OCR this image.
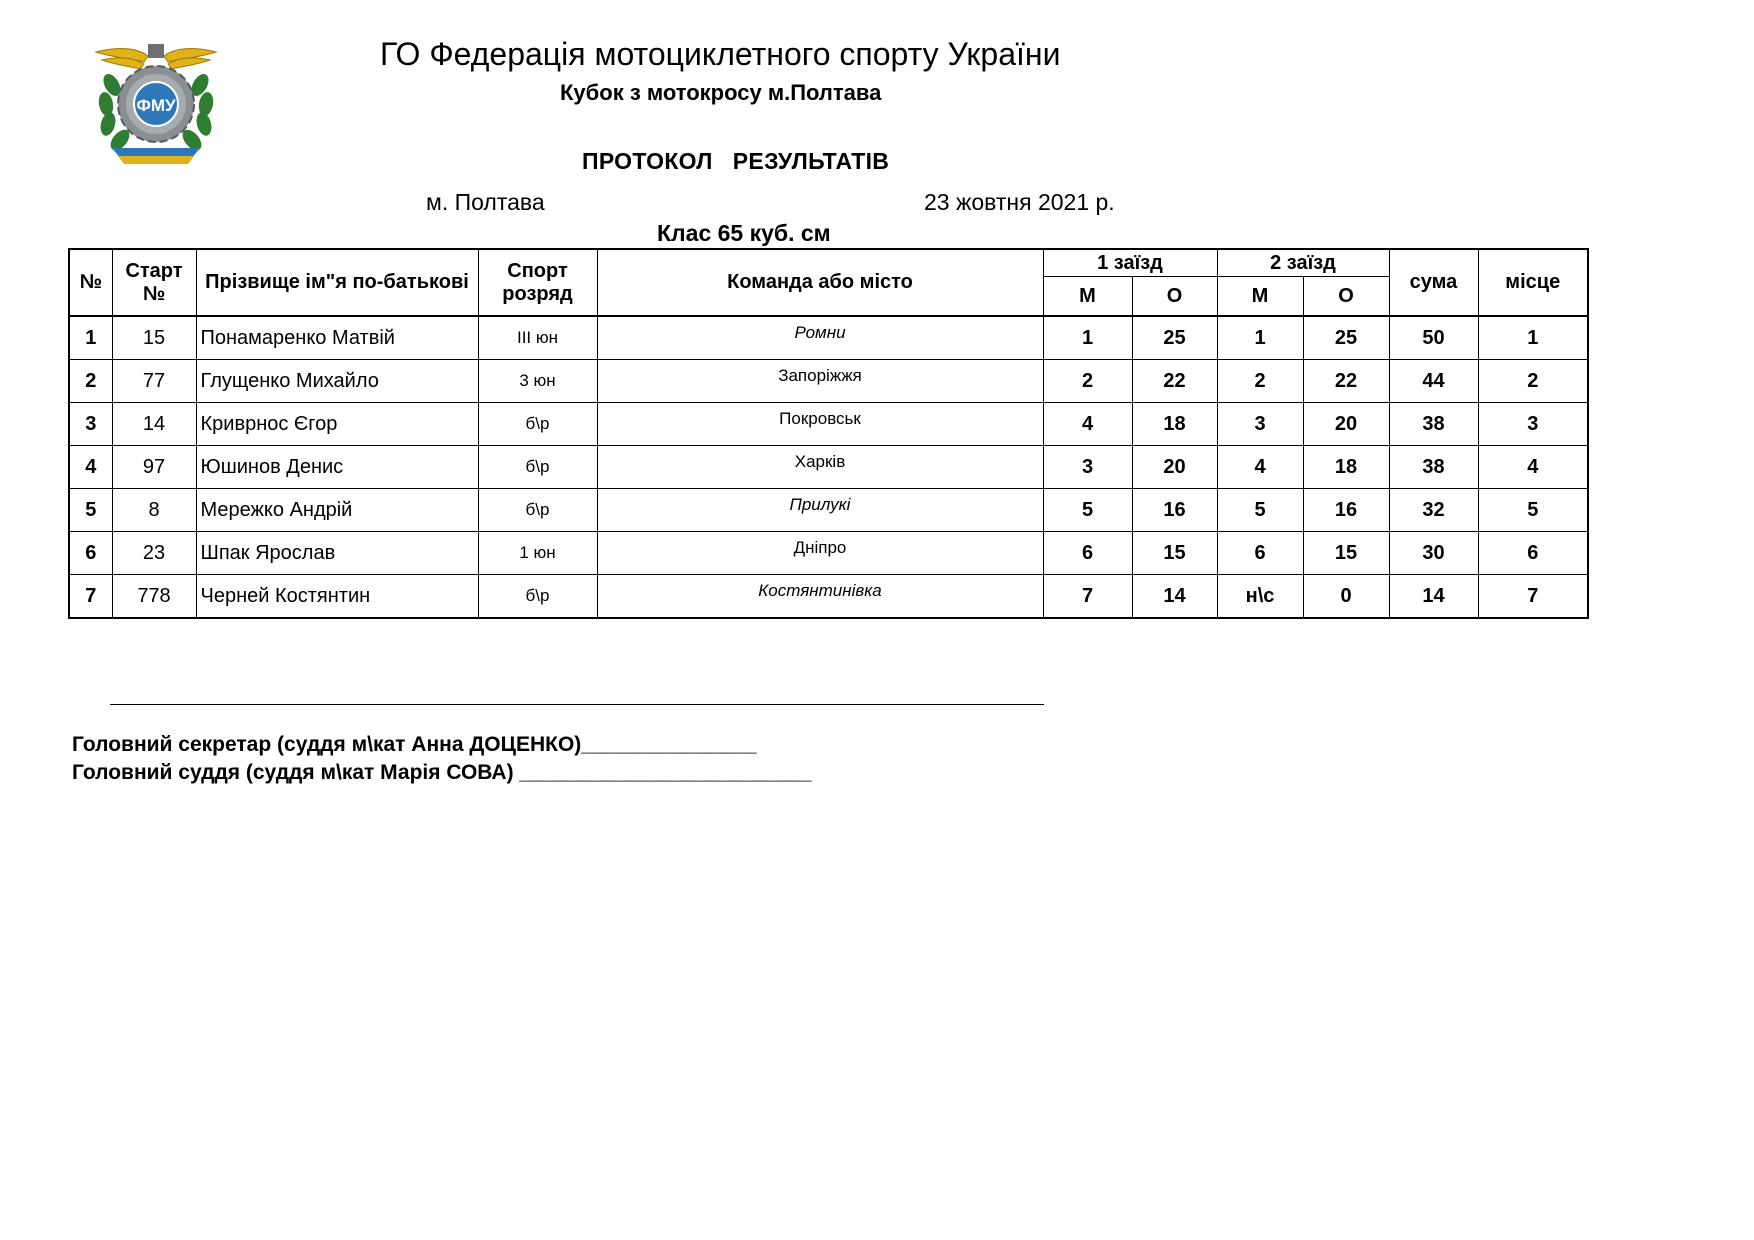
ФМУ
ГО Федерація мотоциклетного спорту України
Кубок з мотокросу м.Полтава
ПРОТОКОЛ   РЕЗУЛЬТАТІВ
м. Полтава	23 жовтня 2021 р.
Клас 65 куб. см
№	Старт №	Прізвище ім"я по-батькові	Спорт розряд	Команда або місто	1 заїзд		2 заїзд		сума	місце
					М	О	М	О		
1	15	Понамаренко Матвій	ІІІ юн	Ромни	1	25	1	25	50	1
2	77	Глущенко Михайло	3 юн	Запоріжжя	2	22	2	22	44	2
3	14	Криврнос Єгор	б\р	Покровськ	4	18	3	20	38	3
4	97	Юшинов Денис	б\р	Харків	3	20	4	18	38	4
5	8	Мережко Андрій	б\р	Прилукі	5	16	5	16	32	5
6	23	Шпак Ярослав	1 юн	Дніпро	6	15	6	15	30	6
7	778	Черней Костянтин	б\р	Костянтинівка	7	14	н\с	0	14	7
Головний секретар (суддя м\кат Анна ДОЦЕНКО)_______________
Головний суддя (суддя м\кат Марія СОВА) _________________________
